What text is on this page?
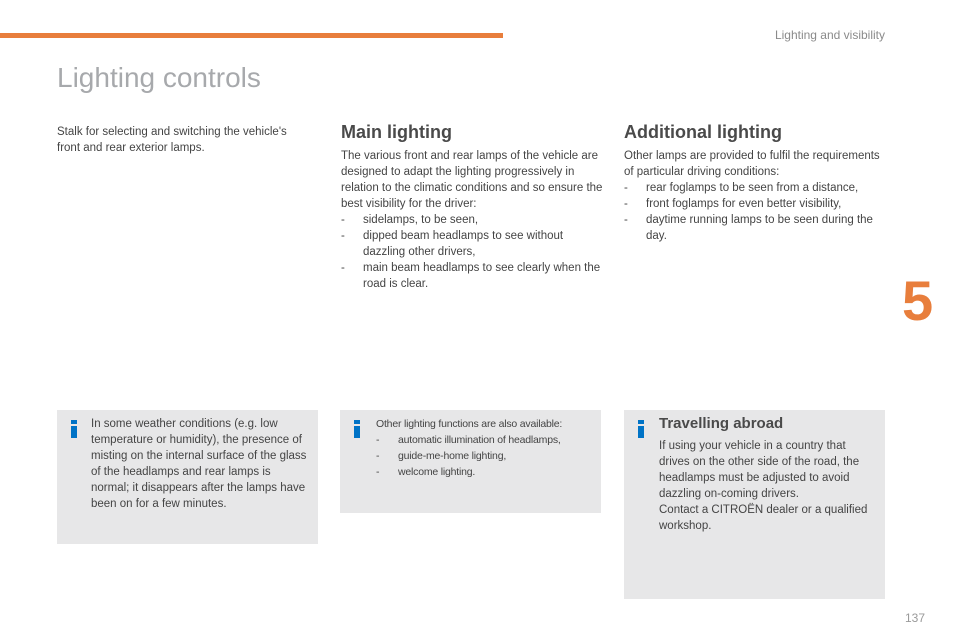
Lighting and visibility
Lighting controls
5
137

Stalk for selecting and switching the vehicle's front and rear exterior lamps.

Main lighting

The various front and rear lamps of the vehicle are designed to adapt the lighting progressively in relation to the climatic conditions and so ensure the best visibility for the driver:

- sidelamps, to be seen,
- dipped beam headlamps to see without dazzling other drivers,
- main beam headlamps to see clearly when the road is clear.
Additional lighting

Other lamps are provided to fulfil the requirements of particular driving conditions:

- rear foglamps to be seen from a distance,
- front foglamps for even better visibility,
- daytime running lamps to be seen during the day.

In some weather conditions (e.g. low temperature or humidity), the presence of misting on the internal surface of the glass of the headlamps and rear lamps is normal; it disappears after the lamps have been on for a few minutes.

Other lighting functions are also available:

- automatic illumination of headlamps,
- guide-me-home lighting,
- welcome lighting.
Travelling abroad

If using your vehicle in a country that drives on the other side of the road, the headlamps must be adjusted to avoid dazzling on-coming drivers.

Contact a CITROËN dealer or a qualified workshop.
